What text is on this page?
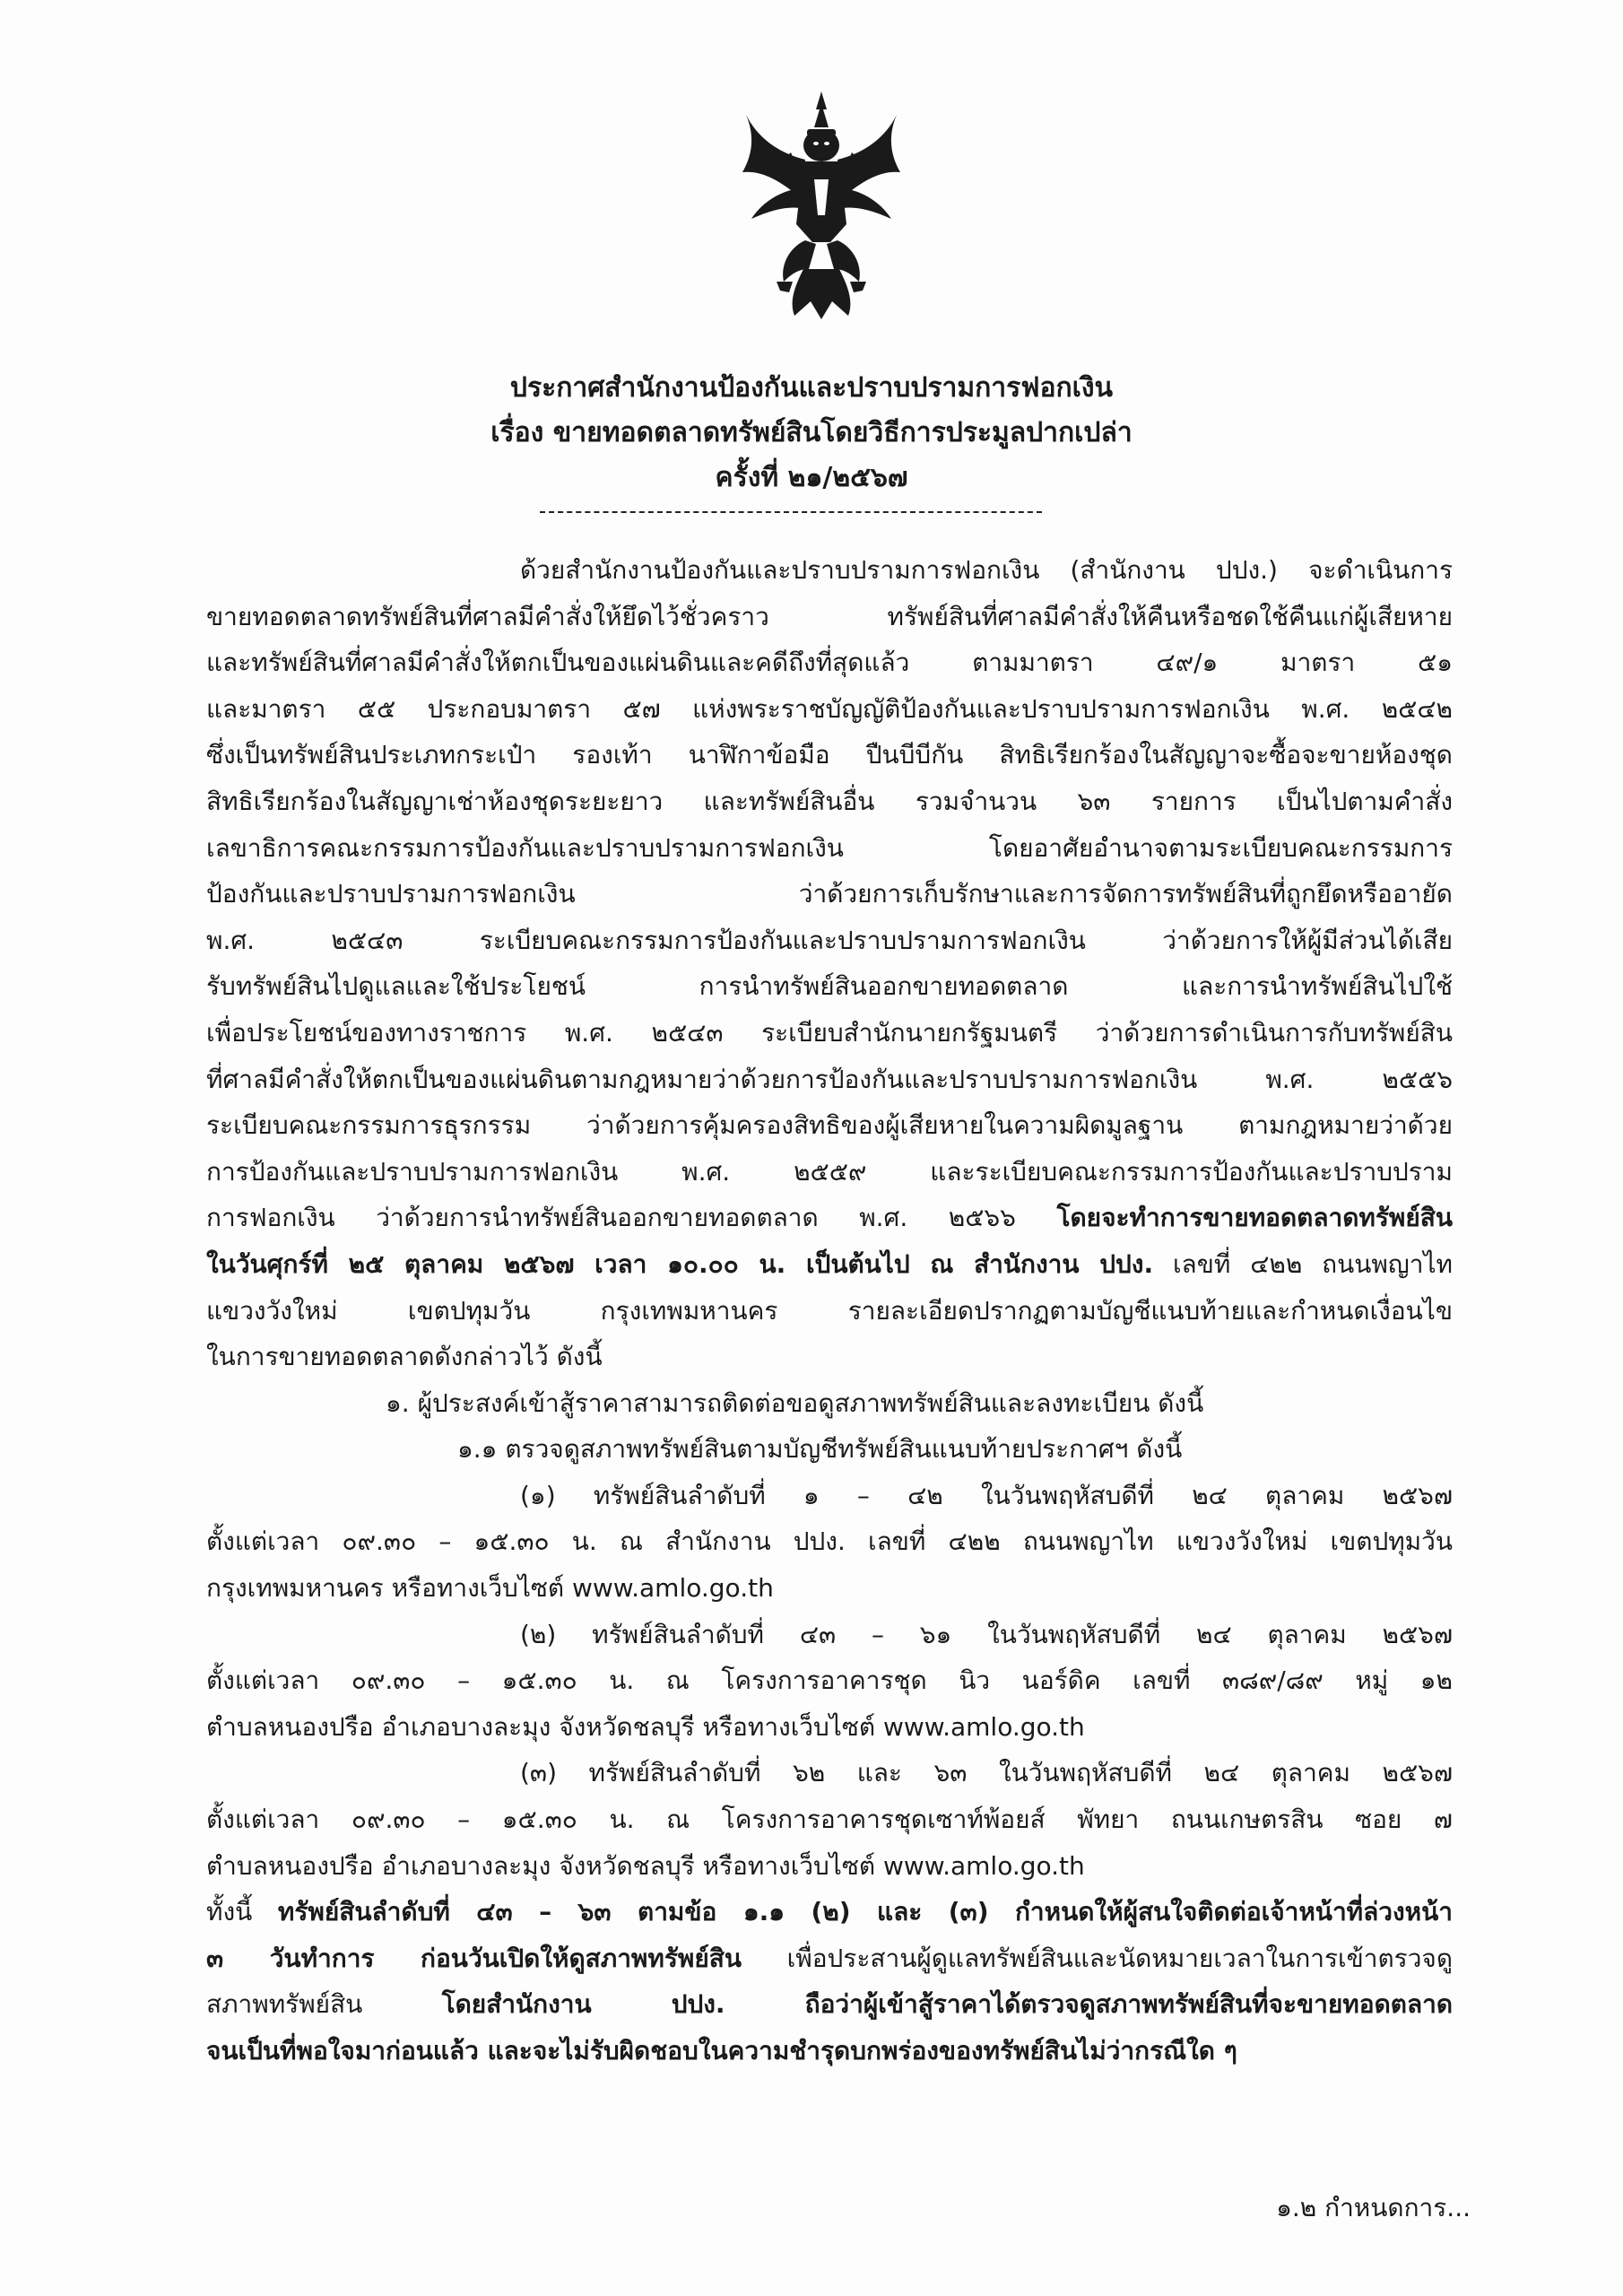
ประกาศสำนักงานป้องกันและปราบปรามการฟอกเงิน
เรื่อง ขายทอดตลาดทรัพย์สินโดยวิธีการประมูลปากเปล่า
ครั้งที่ ๒๑/๒๕๖๗
ด้วยสำนักงานป้องกันและปราบปรามการฟอกเงิน (สำนักงาน ปปง.) จะดำเนินการ
ขายทอดตลาดทรัพย์สินที่ศาลมีคำสั่งให้ยึดไว้ชั่วคราว ทรัพย์สินที่ศาลมีคำสั่งให้คืนหรือชดใช้คืนแก่ผู้เสียหาย
และทรัพย์สินที่ศาลมีคำสั่งให้ตกเป็นของแผ่นดินและคดีถึงที่สุดแล้ว ตามมาตรา ๔๙/๑ มาตรา ๕๑
และมาตรา ๕๕ ประกอบมาตรา ๕๗ แห่งพระราชบัญญัติป้องกันและปราบปรามการฟอกเงิน พ.ศ. ๒๕๔๒
ซึ่งเป็นทรัพย์สินประเภทกระเป๋า รองเท้า นาฬิกาข้อมือ ปืนบีบีกัน สิทธิเรียกร้องในสัญญาจะซื้อจะขายห้องชุด
สิทธิเรียกร้องในสัญญาเช่าห้องชุดระยะยาว และทรัพย์สินอื่น รวมจำนวน ๖๓ รายการ เป็นไปตามคำสั่ง
เลขาธิการคณะกรรมการป้องกันและปราบปรามการฟอกเงิน โดยอาศัยอำนาจตามระเบียบคณะกรรมการ
ป้องกันและปราบปรามการฟอกเงิน ว่าด้วยการเก็บรักษาและการจัดการทรัพย์สินที่ถูกยึดหรืออายัด
พ.ศ. ๒๕๔๓ ระเบียบคณะกรรมการป้องกันและปราบปรามการฟอกเงิน ว่าด้วยการให้ผู้มีส่วนได้เสีย
รับทรัพย์สินไปดูแลและใช้ประโยชน์ การนำทรัพย์สินออกขายทอดตลาด และการนำทรัพย์สินไปใช้
เพื่อประโยชน์ของทางราชการ พ.ศ. ๒๕๔๓ ระเบียบสำนักนายกรัฐมนตรี ว่าด้วยการดำเนินการกับทรัพย์สิน
ที่ศาลมีคำสั่งให้ตกเป็นของแผ่นดินตามกฎหมายว่าด้วยการป้องกันและปราบปรามการฟอกเงิน พ.ศ. ๒๕๕๖
ระเบียบคณะกรรมการธุรกรรม ว่าด้วยการคุ้มครองสิทธิของผู้เสียหายในความผิดมูลฐาน ตามกฎหมายว่าด้วย
การป้องกันและปราบปรามการฟอกเงิน พ.ศ. ๒๕๕๙ และระเบียบคณะกรรมการป้องกันและปราบปราม
การฟอกเงิน ว่าด้วยการนำทรัพย์สินออกขายทอดตลาด พ.ศ. ๒๕๖๖ โดยจะทำการขายทอดตลาดทรัพย์สิน
ในวันศุกร์ที่ ๒๕ ตุลาคม ๒๕๖๗ เวลา ๑๐.๐๐ น. เป็นต้นไป ณ สำนักงาน ปปง. เลขที่ ๔๒๒ ถนนพญาไท
แขวงวังใหม่ เขตปทุมวัน กรุงเทพมหานคร รายละเอียดปรากฏตามบัญชีแนบท้ายและกำหนดเงื่อนไข
ในการขายทอดตลาดดังกล่าวไว้ ดังนี้
๑. ผู้ประสงค์เข้าสู้ราคาสามารถติดต่อขอดูสภาพทรัพย์สินและลงทะเบียน ดังนี้
๑.๑ ตรวจดูสภาพทรัพย์สินตามบัญชีทรัพย์สินแนบท้ายประกาศฯ ดังนี้
(๑) ทรัพย์สินลำดับที่ ๑ – ๔๒ ในวันพฤหัสบดีที่ ๒๔ ตุลาคม ๒๕๖๗
ตั้งแต่เวลา ๐๙.๓๐ – ๑๕.๓๐ น. ณ สำนักงาน ปปง. เลขที่ ๔๒๒ ถนนพญาไท แขวงวังใหม่ เขตปทุมวัน
กรุงเทพมหานคร หรือทางเว็บไซต์ www.amlo.go.th
(๒) ทรัพย์สินลำดับที่ ๔๓ – ๖๑ ในวันพฤหัสบดีที่ ๒๔ ตุลาคม ๒๕๖๗
ตั้งแต่เวลา ๐๙.๓๐ – ๑๕.๓๐ น. ณ โครงการอาคารชุด นิว นอร์ดิค เลขที่ ๓๘๙/๘๙ หมู่ ๑๒
ตำบลหนองปรือ อำเภอบางละมุง จังหวัดชลบุรี หรือทางเว็บไซต์ www.amlo.go.th
(๓) ทรัพย์สินลำดับที่ ๖๒ และ ๖๓ ในวันพฤหัสบดีที่ ๒๔ ตุลาคม ๒๕๖๗
ตั้งแต่เวลา ๐๙.๓๐ – ๑๕.๓๐ น. ณ โครงการอาคารชุดเซาท์พ้อยส์ พัทยา ถนนเกษตรสิน ซอย ๗
ตำบลหนองปรือ อำเภอบางละมุง จังหวัดชลบุรี หรือทางเว็บไซต์ www.amlo.go.th
ทั้งนี้ ทรัพย์สินลำดับที่ ๔๓ – ๖๓ ตามข้อ ๑.๑ (๒) และ (๓) กำหนดให้ผู้สนใจติดต่อเจ้าหน้าที่ล่วงหน้า
๓ วันทำการ ก่อนวันเปิดให้ดูสภาพทรัพย์สิน เพื่อประสานผู้ดูแลทรัพย์สินและนัดหมายเวลาในการเข้าตรวจดู
สภาพทรัพย์สิน โดยสำนักงาน ปปง. ถือว่าผู้เข้าสู้ราคาได้ตรวจดูสภาพทรัพย์สินที่จะขายทอดตลาด
จนเป็นที่พอใจมาก่อนแล้ว และจะไม่รับผิดชอบในความชำรุดบกพร่องของทรัพย์สินไม่ว่ากรณีใด ๆ
๑.๒ กำหนดการ...
